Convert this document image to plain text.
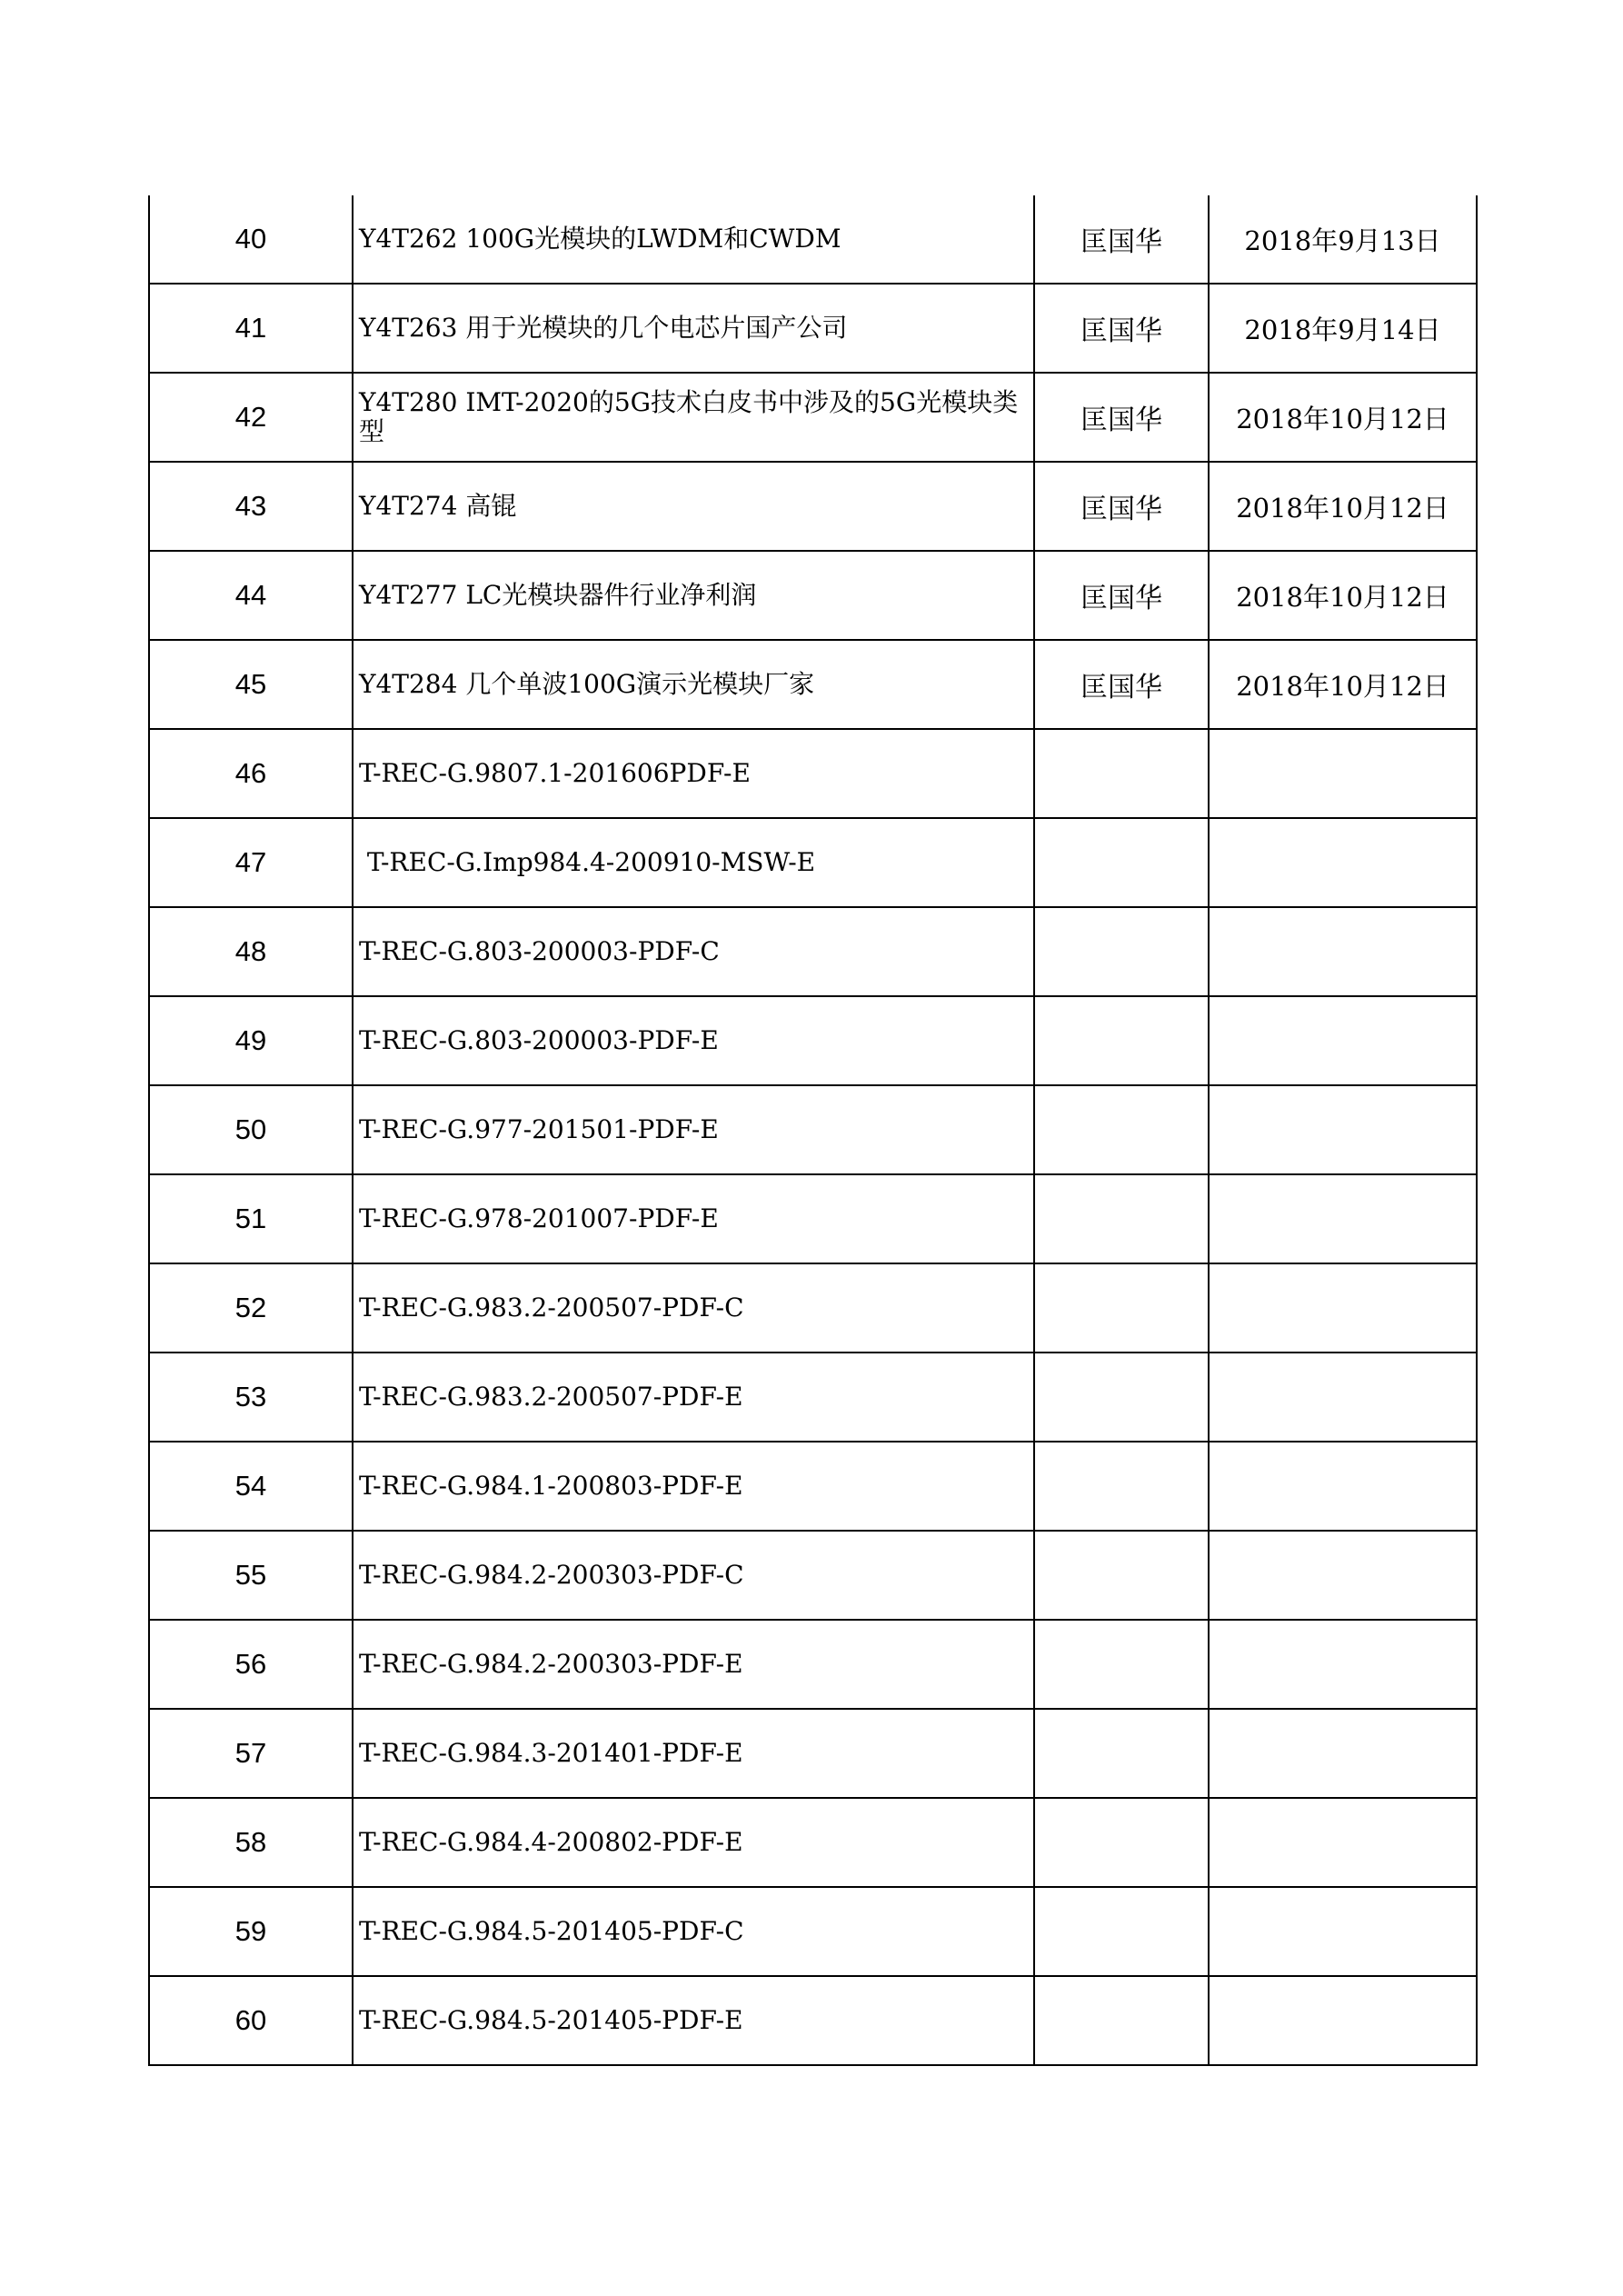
40	Y4T262 100G光模块的LWDM和CWDM	匡国华	2018年9月13日
41	Y4T263 用于光模块的几个电芯片国产公司	匡国华	2018年9月14日
42	Y4T280 IMT-2020的5G技术白皮书中涉及的5G光模块类型	匡国华	2018年10月12日
43	Y4T274 高锟	匡国华	2018年10月12日
44	Y4T277 LC光模块器件行业净利润	匡国华	2018年10月12日
45	Y4T284 几个单波100G演示光模块厂家	匡国华	2018年10月12日
46	T-REC-G.9807.1-201606PDF-E		
47	T-REC-G.Imp984.4-200910-MSW-E		
48	T-REC-G.803-200003-PDF-C		
49	T-REC-G.803-200003-PDF-E		
50	T-REC-G.977-201501-PDF-E		
51	T-REC-G.978-201007-PDF-E		
52	T-REC-G.983.2-200507-PDF-C		
53	T-REC-G.983.2-200507-PDF-E		
54	T-REC-G.984.1-200803-PDF-E		
55	T-REC-G.984.2-200303-PDF-C		
56	T-REC-G.984.2-200303-PDF-E		
57	T-REC-G.984.3-201401-PDF-E		
58	T-REC-G.984.4-200802-PDF-E		
59	T-REC-G.984.5-201405-PDF-C		
60	T-REC-G.984.5-201405-PDF-E		
